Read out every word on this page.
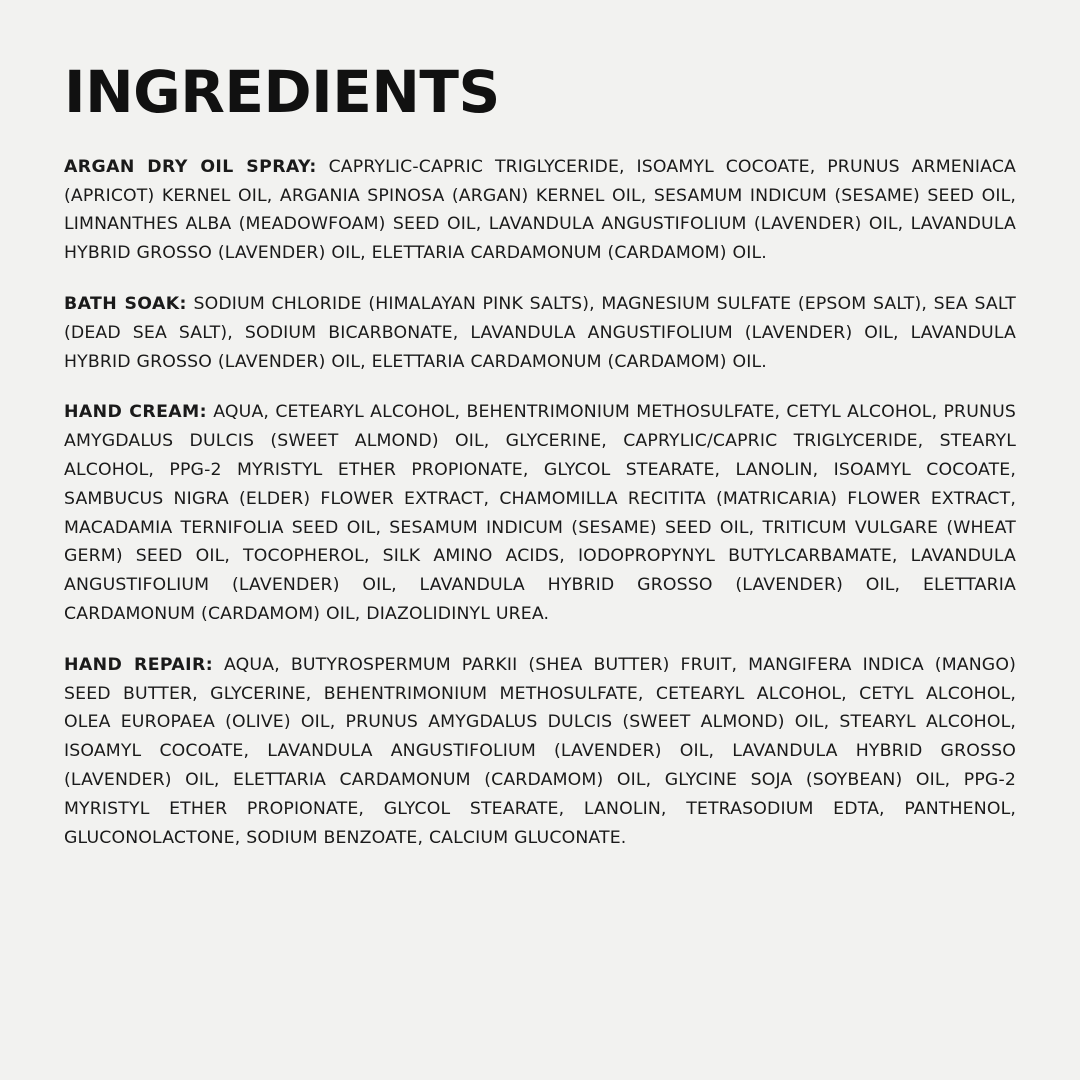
INGREDIENTS

ARGAN DRY OIL SPRAY: CAPRYLIC-CAPRIC TRIGLYCERIDE, ISOAMYL COCOATE, PRUNUS ARMENIACA (APRICOT) KERNEL OIL, ARGANIA SPINOSA (ARGAN) KERNEL OIL, SESAMUM INDICUM (SESAME) SEED OIL, LIMNANTHES ALBA (MEADOWFOAM) SEED OIL, LAVANDULA ANGUSTIFOLIUM (LAVENDER) OIL, LAVANDULA HYBRID GROSSO (LAVENDER) OIL, ELETTARIA CARDAMONUM (CARDAMOM) OIL.

BATH SOAK: SODIUM CHLORIDE (HIMALAYAN PINK SALTS), MAGNESIUM SULFATE (EPSOM SALT), SEA SALT (DEAD SEA SALT), SODIUM BICARBONATE, LAVANDULA ANGUSTIFOLIUM (LAVENDER) OIL, LAVANDULA HYBRID GROSSO (LAVENDER) OIL, ELETTARIA CARDAMONUM (CARDAMOM) OIL.

HAND CREAM: AQUA, CETEARYL ALCOHOL, BEHENTRIMONIUM METHOSULFATE, CETYL ALCOHOL, PRUNUS AMYGDALUS DULCIS (SWEET ALMOND) OIL, GLYCERINE, CAPRYLIC/CAPRIC TRIGLYCERIDE, STEARYL ALCOHOL, PPG-2 MYRISTYL ETHER PROPIONATE, GLYCOL STEARATE, LANOLIN, ISOAMYL COCOATE, SAMBUCUS NIGRA (ELDER) FLOWER EXTRACT, CHAMOMILLA RECITITA (MATRICARIA) FLOWER EXTRACT, MACADAMIA TERNIFOLIA SEED OIL, SESAMUM INDICUM (SESAME) SEED OIL, TRITICUM VULGARE (WHEAT GERM) SEED OIL, TOCOPHEROL, SILK AMINO ACIDS, IODOPROPYNYL BUTYLCARBAMATE, LAVANDULA ANGUSTIFOLIUM (LAVENDER) OIL, LAVANDULA HYBRID GROSSO (LAVENDER) OIL, ELETTARIA CARDAMONUM (CARDAMOM) OIL, DIAZOLIDINYL UREA.

HAND REPAIR: AQUA, BUTYROSPERMUM PARKII (SHEA BUTTER) FRUIT, MANGIFERA INDICA (MANGO) SEED BUTTER, GLYCERINE, BEHENTRIMONIUM METHOSULFATE, CETEARYL ALCOHOL, CETYL ALCOHOL, OLEA EUROPAEA (OLIVE) OIL, PRUNUS AMYGDALUS DULCIS (SWEET ALMOND) OIL, STEARYL ALCOHOL, ISOAMYL COCOATE, LAVANDULA ANGUSTIFOLIUM (LAVENDER) OIL, LAVANDULA HYBRID GROSSO (LAVENDER) OIL, ELETTARIA CARDAMONUM (CARDAMOM) OIL, GLYCINE SOJA (SOYBEAN) OIL, PPG-2 MYRISTYL ETHER PROPIONATE, GLYCOL STEARATE, LANOLIN, TETRASODIUM EDTA, PANTHENOL, GLUCONOLACTONE, SODIUM BENZOATE, CALCIUM GLUCONATE.
